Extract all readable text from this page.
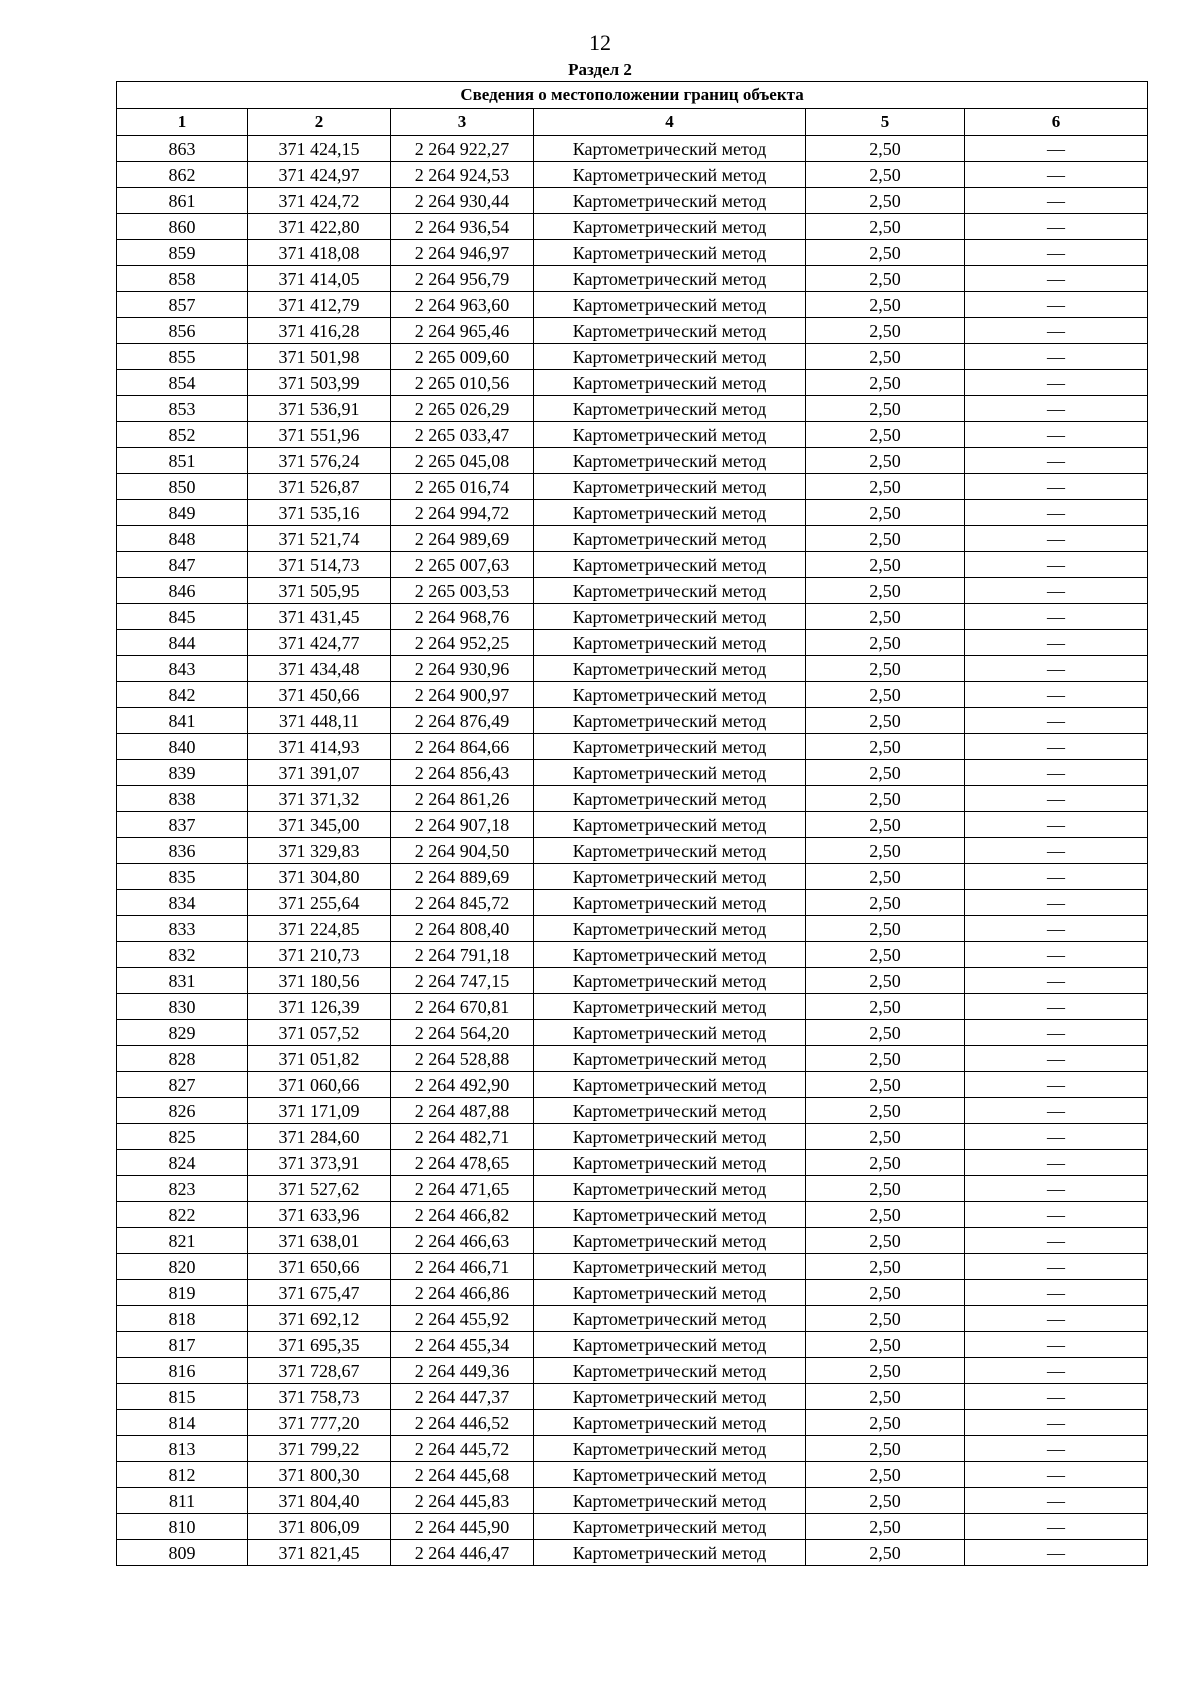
12
Раздел 2
Сведения о местоположении границ объекта					
1	2	3	4	5	6
863	371 424,15	2 264 922,27	Картометрический метод	2,50	—
862	371 424,97	2 264 924,53	Картометрический метод	2,50	—
861	371 424,72	2 264 930,44	Картометрический метод	2,50	—
860	371 422,80	2 264 936,54	Картометрический метод	2,50	—
859	371 418,08	2 264 946,97	Картометрический метод	2,50	—
858	371 414,05	2 264 956,79	Картометрический метод	2,50	—
857	371 412,79	2 264 963,60	Картометрический метод	2,50	—
856	371 416,28	2 264 965,46	Картометрический метод	2,50	—
855	371 501,98	2 265 009,60	Картометрический метод	2,50	—
854	371 503,99	2 265 010,56	Картометрический метод	2,50	—
853	371 536,91	2 265 026,29	Картометрический метод	2,50	—
852	371 551,96	2 265 033,47	Картометрический метод	2,50	—
851	371 576,24	2 265 045,08	Картометрический метод	2,50	—
850	371 526,87	2 265 016,74	Картометрический метод	2,50	—
849	371 535,16	2 264 994,72	Картометрический метод	2,50	—
848	371 521,74	2 264 989,69	Картометрический метод	2,50	—
847	371 514,73	2 265 007,63	Картометрический метод	2,50	—
846	371 505,95	2 265 003,53	Картометрический метод	2,50	—
845	371 431,45	2 264 968,76	Картометрический метод	2,50	—
844	371 424,77	2 264 952,25	Картометрический метод	2,50	—
843	371 434,48	2 264 930,96	Картометрический метод	2,50	—
842	371 450,66	2 264 900,97	Картометрический метод	2,50	—
841	371 448,11	2 264 876,49	Картометрический метод	2,50	—
840	371 414,93	2 264 864,66	Картометрический метод	2,50	—
839	371 391,07	2 264 856,43	Картометрический метод	2,50	—
838	371 371,32	2 264 861,26	Картометрический метод	2,50	—
837	371 345,00	2 264 907,18	Картометрический метод	2,50	—
836	371 329,83	2 264 904,50	Картометрический метод	2,50	—
835	371 304,80	2 264 889,69	Картометрический метод	2,50	—
834	371 255,64	2 264 845,72	Картометрический метод	2,50	—
833	371 224,85	2 264 808,40	Картометрический метод	2,50	—
832	371 210,73	2 264 791,18	Картометрический метод	2,50	—
831	371 180,56	2 264 747,15	Картометрический метод	2,50	—
830	371 126,39	2 264 670,81	Картометрический метод	2,50	—
829	371 057,52	2 264 564,20	Картометрический метод	2,50	—
828	371 051,82	2 264 528,88	Картометрический метод	2,50	—
827	371 060,66	2 264 492,90	Картометрический метод	2,50	—
826	371 171,09	2 264 487,88	Картометрический метод	2,50	—
825	371 284,60	2 264 482,71	Картометрический метод	2,50	—
824	371 373,91	2 264 478,65	Картометрический метод	2,50	—
823	371 527,62	2 264 471,65	Картометрический метод	2,50	—
822	371 633,96	2 264 466,82	Картометрический метод	2,50	—
821	371 638,01	2 264 466,63	Картометрический метод	2,50	—
820	371 650,66	2 264 466,71	Картометрический метод	2,50	—
819	371 675,47	2 264 466,86	Картометрический метод	2,50	—
818	371 692,12	2 264 455,92	Картометрический метод	2,50	—
817	371 695,35	2 264 455,34	Картометрический метод	2,50	—
816	371 728,67	2 264 449,36	Картометрический метод	2,50	—
815	371 758,73	2 264 447,37	Картометрический метод	2,50	—
814	371 777,20	2 264 446,52	Картометрический метод	2,50	—
813	371 799,22	2 264 445,72	Картометрический метод	2,50	—
812	371 800,30	2 264 445,68	Картометрический метод	2,50	—
811	371 804,40	2 264 445,83	Картометрический метод	2,50	—
810	371 806,09	2 264 445,90	Картометрический метод	2,50	—
809	371 821,45	2 264 446,47	Картометрический метод	2,50	—
